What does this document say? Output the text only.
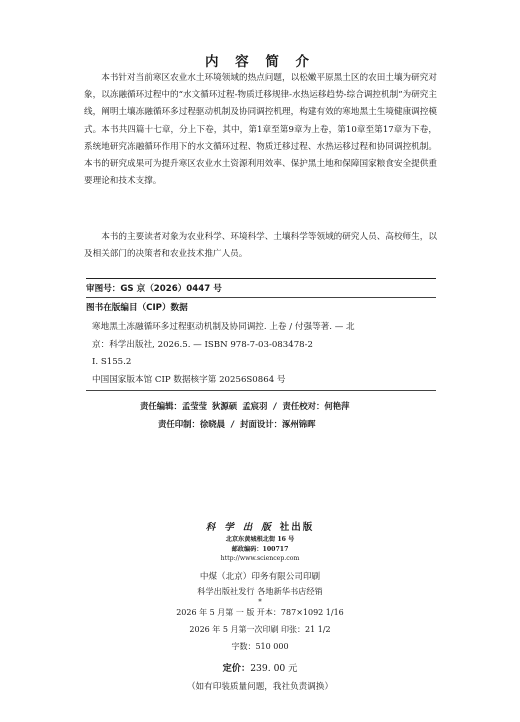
内 容 简 介

本书针对当前寒区农业水土环境领域的热点问题，以松嫩平原黑土区的农田土壤为研究对象，以冻融循环过程中的“水文循环过程-物质迁移规律-水热运移趋势-综合调控机制”为研究主线，阐明土壤冻融循环多过程驱动机制及协同调控机理，构建有效的寒地黑土生境健康调控模式。本书共四篇十七章，分上下卷，其中，第1章至第9章为上卷，第10章至第17章为下卷，系统地研究冻融循环作用下的水文循环过程、物质迁移过程、水热运移过程和协同调控机制。本书的研究成果可为提升寒区农业水土资源利用效率、保护黑土地和保障国家粮食安全提供重要理论和技术支撑。

本书的主要读者对象为农业科学、环境科学、土壤科学等领域的研究人员、高校师生，以及相关部门的决策者和农业技术推广人员。

审图号：GS 京（2026）0447 号
图书在版编目（CIP）数据
寒地黑土冻融循环多过程驱动机制及协同调控. 上卷 / 付强等著. — 北
京：科学出版社, 2026.5. — ISBN 978-7-03-083478-2
Ⅰ. S155.2
中国国家版本馆 CIP 数据核字第 20256S0864 号
责任编辑：孟莹莹 狄源硕 孟宸羽 / 责任校对：何艳萍
责任印制：徐晓晨 / 封面设计：涿州锦晖
科学出版社出版
北京东黄城根北街 16 号
邮政编码：100717
http://www.sciencep.com
中煤（北京）印务有限公司印刷
科学出版社发行 各地新华书店经销
*
2026 年 5 月第 一 版 开本：787×1092 1/16
2026 年 5 月第一次印刷 印张：21 1/2
字数：510 000
定价：239. 00 元
（如有印装质量问题，我社负责调换）
